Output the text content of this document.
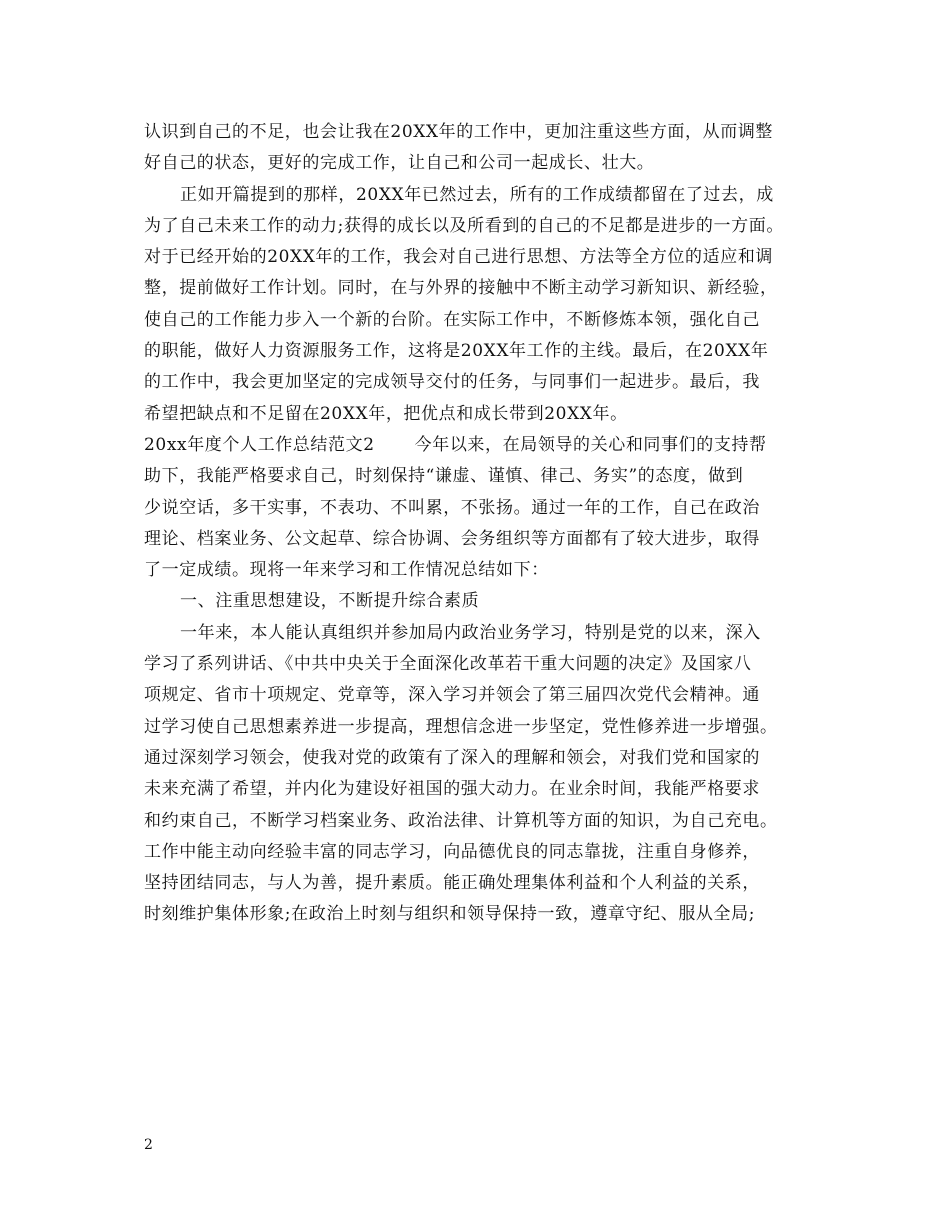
认识到自己的不足，也会让我在20XX年的工作中，更加注重这些方面，从而调整
好自己的状态，更好的完成工作，让自己和公司一起成长、壮大。
正如开篇提到的那样，20XX年已然过去，所有的工作成绩都留在了过去，成
为了自己未来工作的动力;获得的成长以及所看到的自己的不足都是进步的一方面。
对于已经开始的20XX年的工作，我会对自己进行思想、方法等全方位的适应和调
整，提前做好工作计划。同时，在与外界的接触中不断主动学习新知识、新经验，
使自己的工作能力步入一个新的台阶。在实际工作中，不断修炼本领，强化自己
的职能，做好人力资源服务工作，这将是20XX年工作的主线。最后，在20XX年
的工作中，我会更加坚定的完成领导交付的任务，与同事们一起进步。最后，我
希望把缺点和不足留在20XX年，把优点和成长带到20XX年。
20xx年度个人工作总结范文2 今年以来，在局领导的关心和同事们的支持帮
助下，我能严格要求自己，时刻保持“谦虚、谨慎、律己、务实”的态度，做到
少说空话，多干实事，不表功、不叫累，不张扬。通过一年的工作，自己在政治
理论、档案业务、公文起草、综合协调、会务组织等方面都有了较大进步，取得
了一定成绩。现将一年来学习和工作情况总结如下：
一、注重思想建设，不断提升综合素质
一年来，本人能认真组织并参加局内政治业务学习，特别是党的以来，深入
学习了系列讲话、《中共中央关于全面深化改革若干重大问题的决定》及国家八
项规定、省市十项规定、党章等，深入学习并领会了第三届四次党代会精神。通
过学习使自己思想素养进一步提高，理想信念进一步坚定，党性修养进一步增强。
通过深刻学习领会，使我对党的政策有了深入的理解和领会，对我们党和国家的
未来充满了希望，并内化为建设好祖国的强大动力。在业余时间，我能严格要求
和约束自己，不断学习档案业务、政治法律、计算机等方面的知识，为自己充电。
工作中能主动向经验丰富的同志学习，向品德优良的同志靠拢，注重自身修养，
坚持团结同志，与人为善，提升素质。能正确处理集体利益和个人利益的关系，
时刻维护集体形象;在政治上时刻与组织和领导保持一致，遵章守纪、服从全局;
2
